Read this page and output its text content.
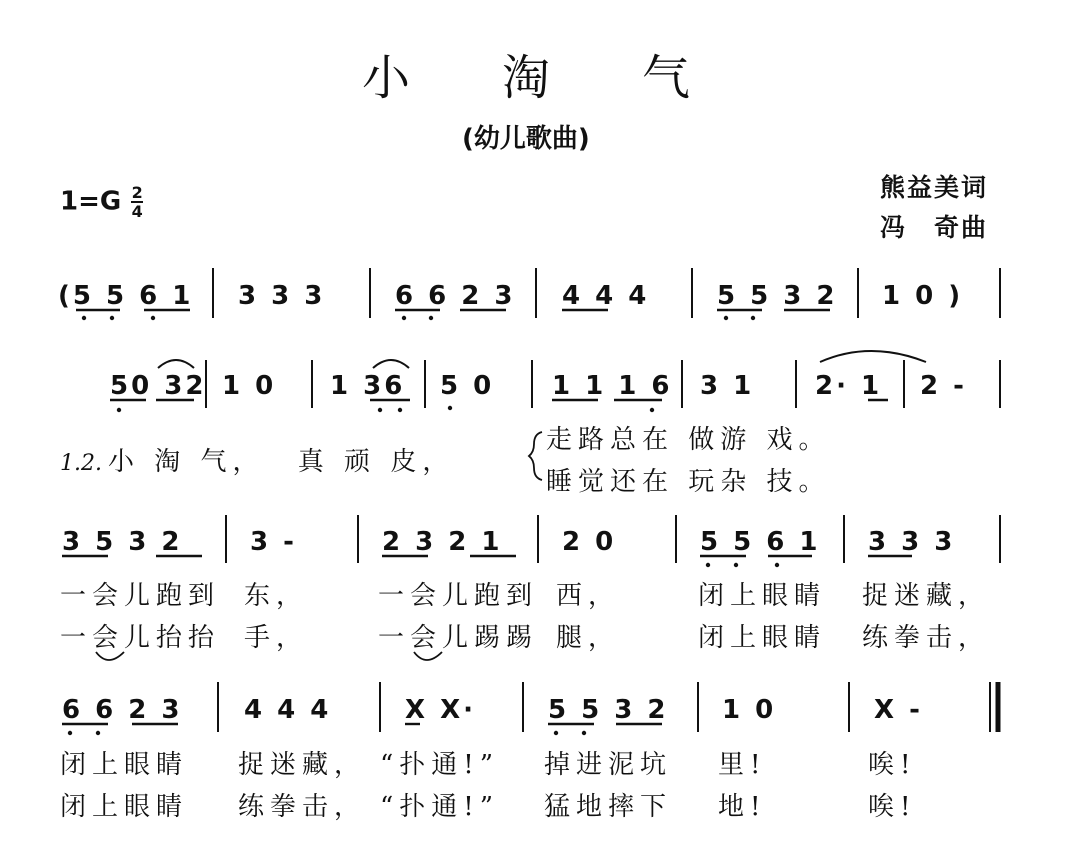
小淘气
(幼儿歌曲)
$1=G \frac{2}{4}$	熊益美词
冯　奇曲
(5 5 6 1 3 3 3	6 6 2 3 4 4 4	5 5 3 2 1 0 )
50 32 1 0 1 36 5 0 1 1 1 6 3 1 2· 1 2 -
1.2. 小 淘 气，　 真 顽 皮，
走路总在 做游 戏。
睡觉还在 玩杂 技。
3 5 3 2	3 -	2 3 2 1 2 0	5 5 6 1 3 3 3
一会儿跑到 东，	一会儿跑到 西，	闭上眼睛 捉迷藏，
一会儿抬抬 手，	一会儿踢踢 腿，	闭上眼睛 练拳击，
6 6 2 3 4 4 4	X X·	5 5 3 2 1 0	X -
闭上眼睛 捉迷藏， “扑通!” 掉进泥坑 里!	唉!
闭上眼睛 练拳击， “扑通!” 猛地摔下 地!	唉!
